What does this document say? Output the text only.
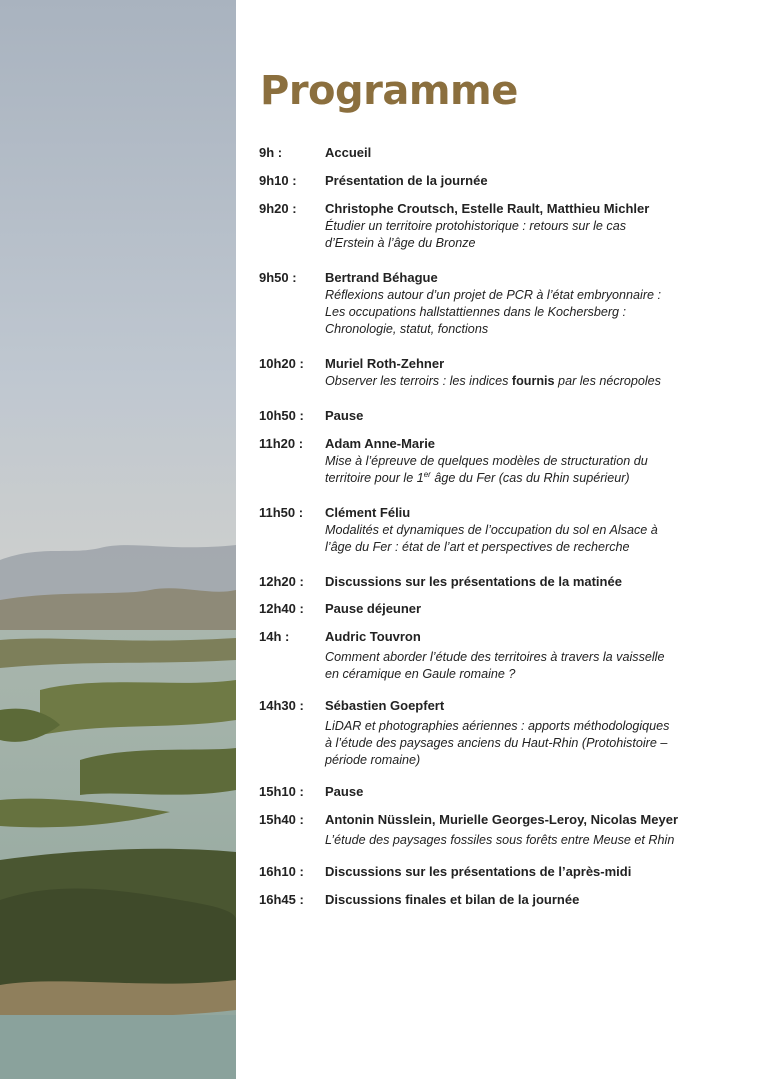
Programme
9h :	Accueil
9h10 : Présentation de la journée
9h20 : Christophe Croutsch, Estelle Rault, Matthieu Michler
Étudier un territoire protohistorique : retours sur le cas
d’Erstein à l’âge du Bronze
9h50 : Bertrand Béhague
Réflexions autour d’un projet de PCR à l’état embryonnaire :
Les occupations hallstattiennes dans le Kochersberg :
Chronologie, statut, fonctions
10h20 : Muriel Roth-Zehner
Observer les terroirs : les indices fournis par les nécropoles
10h50 : Pause
11h20 : Adam Anne-Marie
Mise à l’épreuve de quelques modèles de structuration du
territoire pour le 1er âge du Fer (cas du Rhin supérieur)
11h50 : Clément Féliu
Modalités et dynamiques de l’occupation du sol en Alsace à
l’âge du Fer : état de l’art et perspectives de recherche
12h20 : Discussions sur les présentations de la matinée
12h40 : Pause déjeuner
14h :	Audric Touvron
Comment aborder l’étude des territoires à travers la vaisselle
en céramique en Gaule romaine ?
14h30 : Sébastien Goepfert
LiDAR et photographies aériennes : apports méthodologiques
à l’étude des paysages anciens du Haut-Rhin (Protohistoire –
période romaine)
15h10 : Pause
15h40 : Antonin Nüsslein, Murielle Georges-Leroy, Nicolas Meyer
L’étude des paysages fossiles sous forêts entre Meuse et Rhin
16h10 : Discussions sur les présentations de l’après-midi
16h45 : Discussions finales et bilan de la journée
